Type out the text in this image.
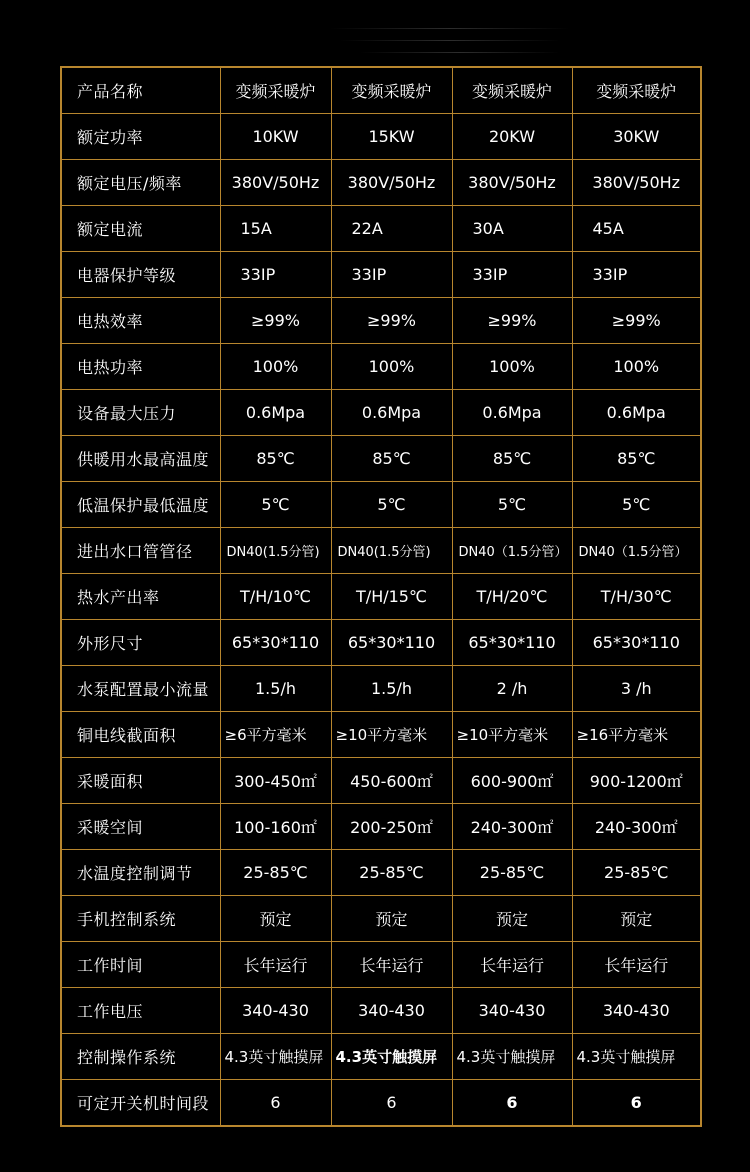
产品名称	变频采暖炉	变频采暖炉	变频采暖炉	变频采暖炉
额定功率	10KW	15KW	20KW	30KW
额定电压/频率	380V/50Hz	380V/50Hz	380V/50Hz	380V/50Hz
额定电流	15A	22A	30A	45A
电器保护等级	33IP	33IP	33IP	33IP
电热效率	≥99%	≥99%	≥99%	≥99%
电热功率	100%	100%	100%	100%
设备最大压力	0.6Mpa	0.6Mpa	0.6Mpa	0.6Mpa
供暖用水最高温度	85℃	85℃	85℃	85℃
低温保护最低温度	5℃	5℃	5℃	5℃
进出水口管管径	DN40(1.5分管)	DN40(1.5分管)	DN40（1.5分管）	DN40（1.5分管）
热水产出率	T/H/10℃	T/H/15℃	T/H/20℃	T/H/30℃
外形尺寸	65*30*110	65*30*110	65*30*110	65*30*110
水泵配置最小流量	1.5/h	1.5/h	2 /h	3 /h
铜电线截面积	≥6平方毫米	≥10平方毫米	≥10平方毫米	≥16平方毫米
采暖面积	300-450㎡	450-600㎡	600-900㎡	900-1200㎡
采暖空间	100-160㎡	200-250㎡	240-300㎡	240-300㎡
水温度控制调节	25-85℃	25-85℃	25-85℃	25-85℃
手机控制系统	预定	预定	预定	预定
工作时间	长年运行	长年运行	长年运行	长年运行
工作电压	340-430	340-430	340-430	340-430
控制操作系统	4.3英寸触摸屏	4.3英寸触摸屏	4.3英寸触摸屏	4.3英寸触摸屏
可定开关机时间段	6	6	6	6
